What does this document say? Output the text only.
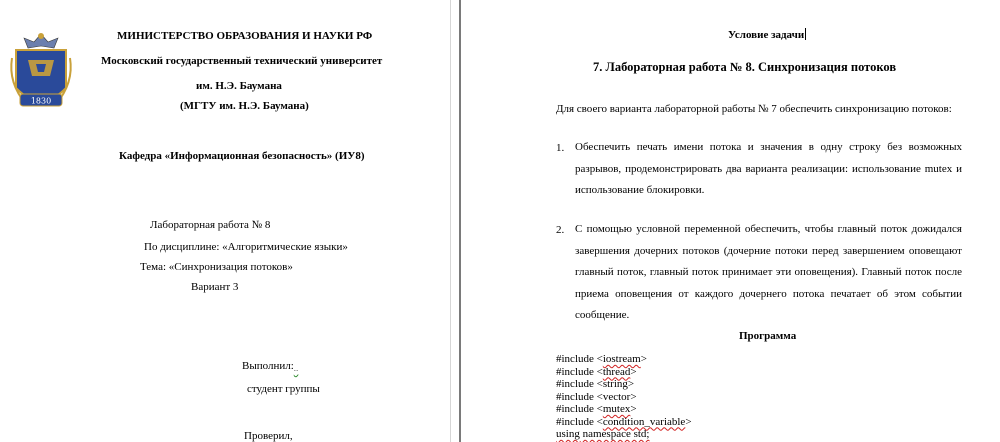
1830
МИНИСТЕРСТВО ОБРАЗОВАНИЯ И НАУКИ РФ
Московский государственный технический университет
им. Н.Э. Баумана
(МГТУ им. Н.Э. Баумана)
Кафедра «Информационная безопасность» (ИУ8)
Лабораторная работа № 8
По дисциплине: «Алгоритмические языки»
Тема: «Синхронизация потоков»
Вариант 3
Выполнил:...
студент группы
Проверил,
Условие задачи
7. Лабораторная работа № 8. Синхронизация потоков
Для своего варианта лабораторной работы № 7 обеспечить синхронизацию потоков:
1. Обеспечить печать имени потока и значения в одну строку без возможных
разрывов, продемонстрировать два варианта реализации: использование mutex и
использование блокировки.
2. С помощью условной переменной обеспечить, чтобы главный поток дожидался
завершения дочерних потоков (дочерние потоки перед завершением оповещают
главный поток, главный поток принимает эти оповещения). Главный поток после
приема оповещения от каждого дочернего потока печатает об этом событии
сообщение.
Программа
#include <iostream>
#include <thread>
#include <string>
#include <vector>
#include <mutex>
#include <condition_variable>
using namespace std;
